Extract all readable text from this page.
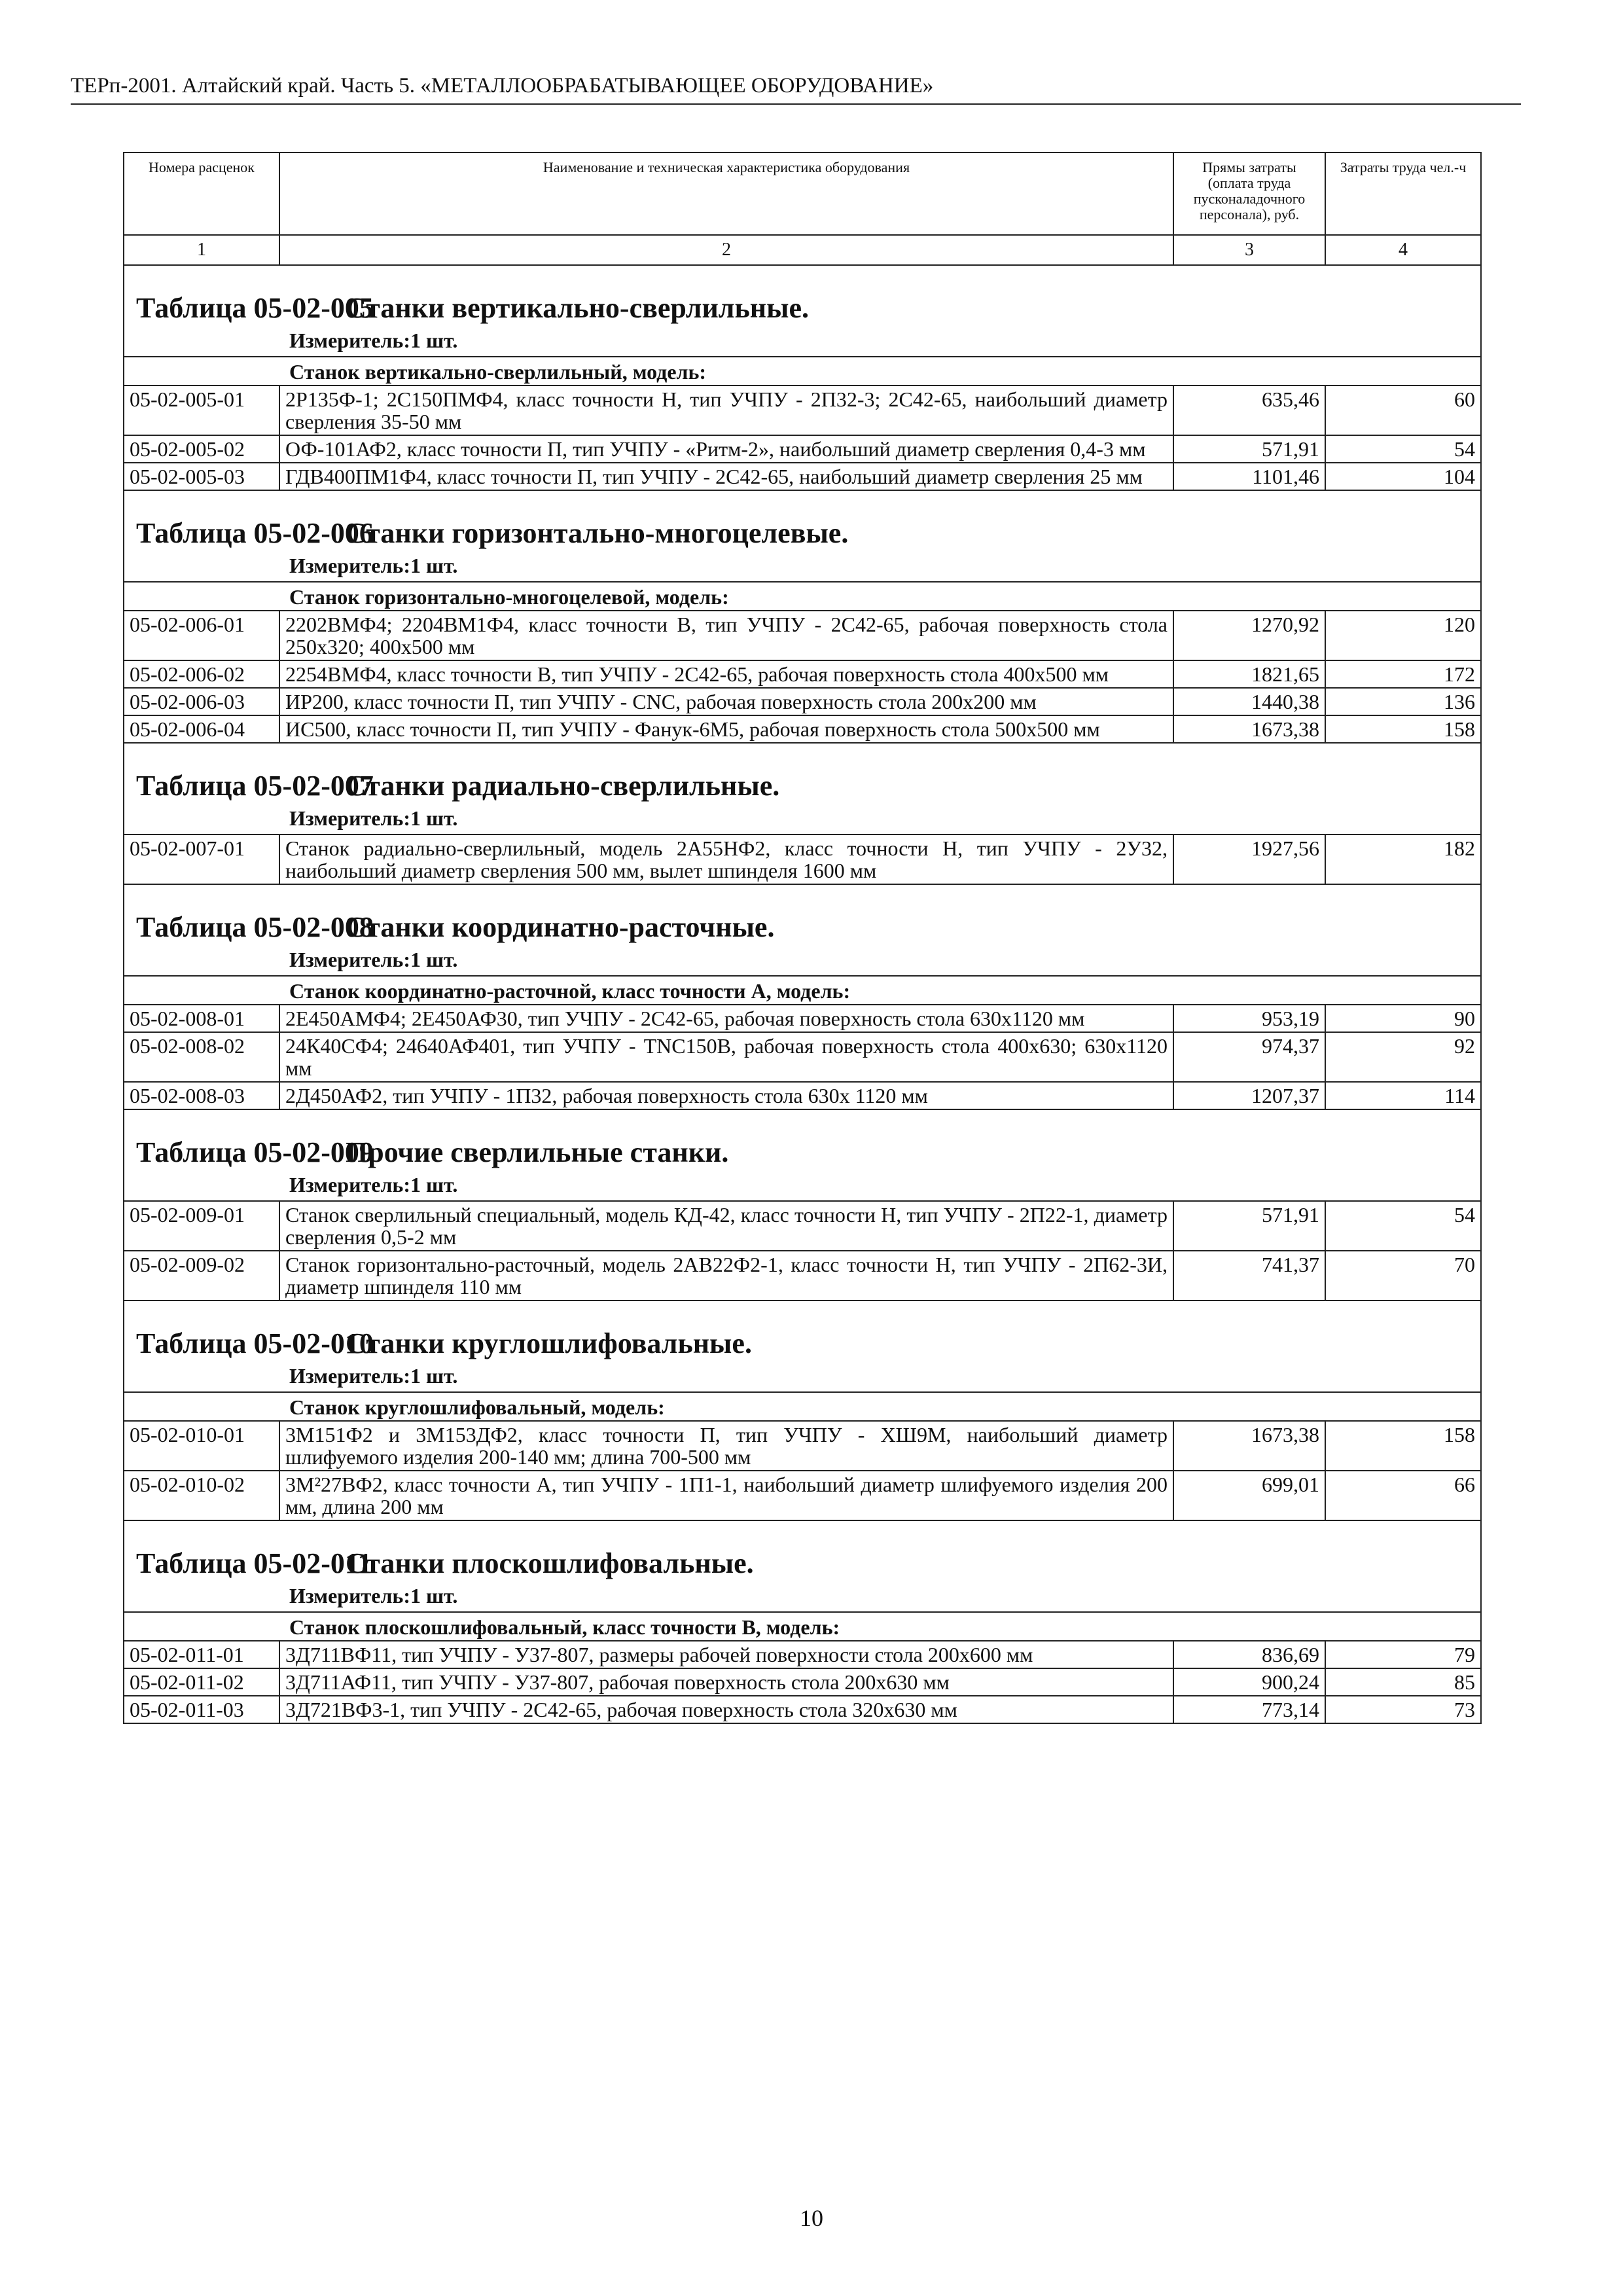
ТЕРп-2001. Алтайский край. Часть 5. «МЕТАЛЛООБРАБАТЫВАЮЩЕЕ ОБОРУДОВАНИЕ»
Номера расценок	Наименование и техническая характеристика оборудования	Прямы затраты (оплата труда пусконаладочного персонала), руб.	Затраты труда чел.-ч
1	2	3	4

Таблица 05-02-005Станки вертикально-сверлильные.			

Измеритель:1 шт.			

Станок вертикально-сверлильный, модель:			

05-02-005-01	2Р135Ф-1; 2С150ПМФ4, класс точности Н, тип УЧПУ - 2П32-3; 2С42-65, наибольший диаметр сверления 35-50 мм	635,46	60
05-02-005-02	ОФ-101АФ2, класс точности П, тип УЧПУ - «Ритм-2», наибольший диаметр сверления 0,4-3 мм	571,91	54
05-02-005-03	ГДВ400ПМ1Ф4, класс точности П, тип УЧПУ - 2С42-65, наибольший диаметр сверления 25 мм	1101,46	104

Таблица 05-02-006Станки горизонтально-многоцелевые.			

Измеритель:1 шт.			

Станок горизонтально-многоцелевой, модель:			

05-02-006-01	2202ВМФ4; 2204ВМ1Ф4, класс точности В, тип УЧПУ - 2С42-65, рабочая поверхность стола 250х320; 400х500 мм	1270,92	120
05-02-006-02	2254ВМФ4, класс точности В, тип УЧПУ - 2С42-65, рабочая поверхность стола 400х500 мм	1821,65	172
05-02-006-03	ИР200, класс точности П, тип УЧПУ - CNC, рабочая поверхность стола 200х200 мм	1440,38	136
05-02-006-04	ИС500, класс точности П, тип УЧПУ - Фанук-6М5, рабочая поверхность стола 500х500 мм	1673,38	158

Таблица 05-02-007Станки радиально-сверлильные.			

Измеритель:1 шт.			
05-02-007-01	Станок радиально-сверлильный, модель 2А55НФ2, класс точности Н, тип УЧПУ - 2У32, наибольший диаметр сверления 500 мм, вылет шпинделя 1600 мм	1927,56	182

Таблица 05-02-008Станки координатно-расточные.			

Измеритель:1 шт.			

Станок координатно-расточной, класс точности А, модель:			

05-02-008-01	2Е450АМФ4; 2Е450АФ30, тип УЧПУ - 2С42-65, рабочая поверхность стола 630х1120 мм	953,19	90
05-02-008-02	24К40СФ4; 24640АФ401, тип УЧПУ - TNC150B, рабочая поверхность стола 400х630; 630х1120 мм	974,37	92
05-02-008-03	2Д450АФ2, тип УЧПУ - 1П32, рабочая поверхность стола 630х 1120 мм	1207,37	114

Таблица 05-02-009Прочие сверлильные станки.			

Измеритель:1 шт.			
05-02-009-01	Станок сверлильный специальный, модель КД-42, класс точности Н, тип УЧПУ - 2П22-1, диаметр сверления 0,5-2 мм	571,91	54
05-02-009-02	Станок горизонтально-расточный, модель 2АВ22Ф2-1, класс точности Н, тип УЧПУ - 2П62-3И, диаметр шпинделя 110 мм	741,37	70

Таблица 05-02-010Станки круглошлифовальные.			

Измеритель:1 шт.			

Станок круглошлифовальный, модель:			

05-02-010-01	3М151Ф2 и 3М153ДФ2, класс точности П, тип УЧПУ - ХШ9М, наибольший диаметр шлифуемого изделия 200-140 мм; длина 700-500 мм	1673,38	158
05-02-010-02	3М²27ВФ2, класс точности А, тип УЧПУ - 1П1-1, наибольший диаметр шлифуемого изделия 200 мм, длина 200 мм	699,01	66

Таблица 05-02-011Станки плоскошлифовальные.			

Измеритель:1 шт.			

Станок плоскошлифовальный, класс точности В, модель:			

05-02-011-01	3Д711ВФ11, тип УЧПУ - У37-807, размеры рабочей поверхности стола 200х600 мм	836,69	79
05-02-011-02	3Д711АФ11, тип УЧПУ - У37-807, рабочая поверхность стола 200х630 мм	900,24	85
05-02-011-03	3Д721ВФ3-1, тип УЧПУ - 2С42-65, рабочая поверхность стола 320х630 мм	773,14	73
10
